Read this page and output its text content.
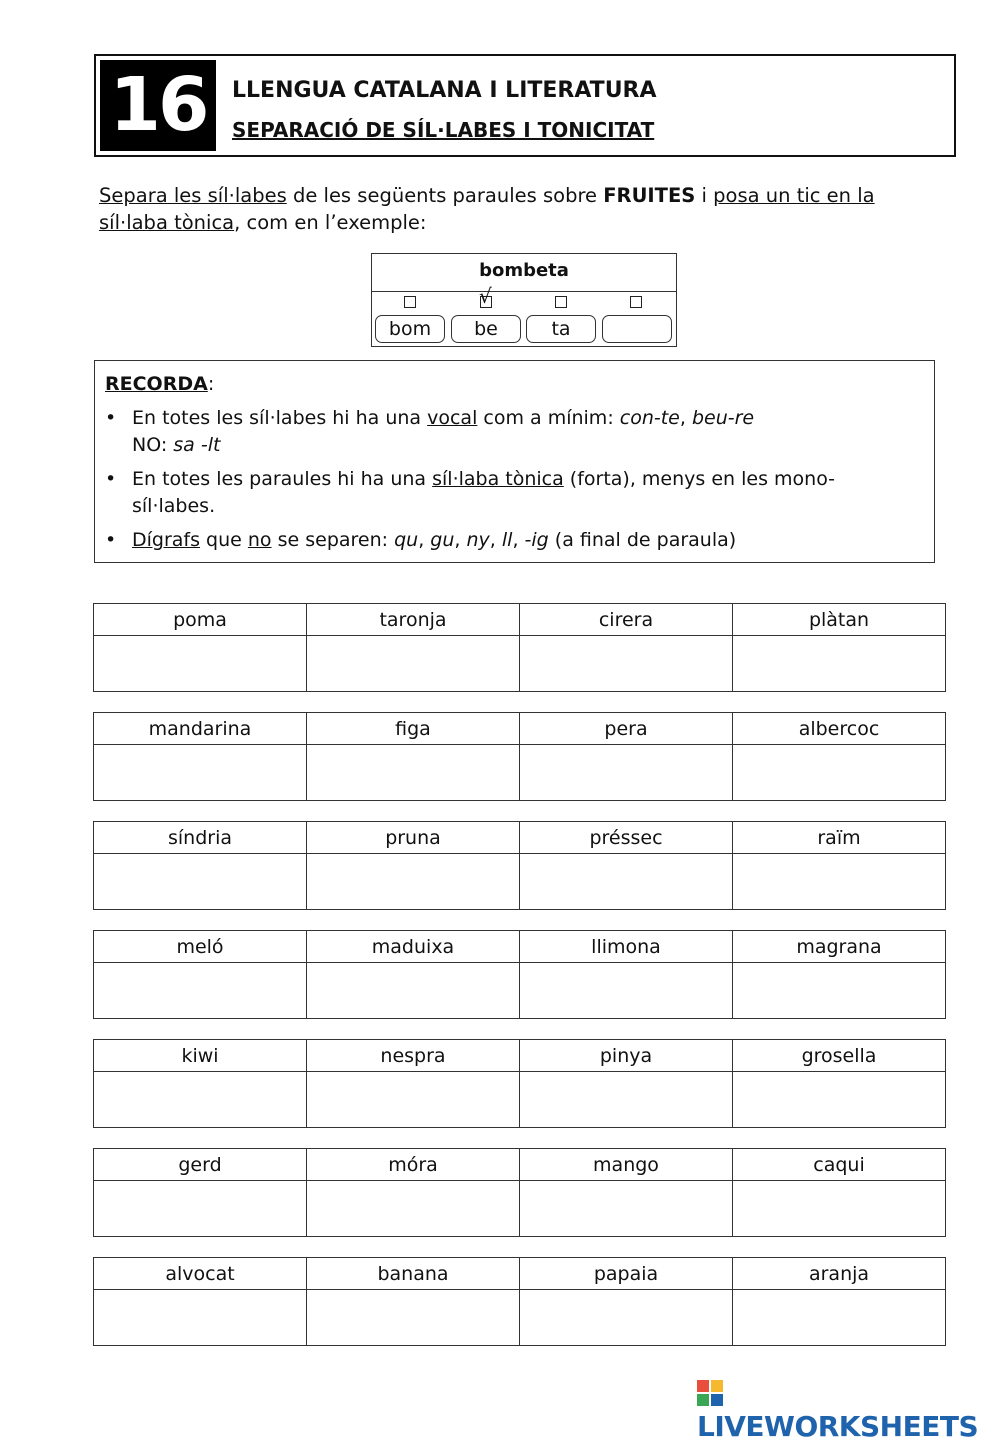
16	LLENGUA CATALANA I LITERATURA
SEPARACIÓ DE SÍL·LABES I TONICITAT
Separa les síl·labes de les següents paraules sobre FRUITES i posa un tic en la síl·laba tònica, com en l’exemple:
bombeta
√
bom	be	ta
RECORDA:
• En totes les síl·labes hi ha una vocal com a mínim: con-te, beu-re
NO: sa -lt
• En totes les paraules hi ha una síl·laba tònica (forta), menys en les mono-síl·labes.
• Dígrafs que no se separen: qu, gu, ny, ll, -ig (a final de paraula)
poma	taronja	cirera	plàtan

mandarina	figa	pera	albercoc

síndria	pruna	préssec	raïm

meló	maduixa	llimona	magrana

kiwi	nespra	pinya	grosella

gerd	móra	mango	caqui

alvocat	banana	papaia	aranja

LIVEWORKSHEETS
